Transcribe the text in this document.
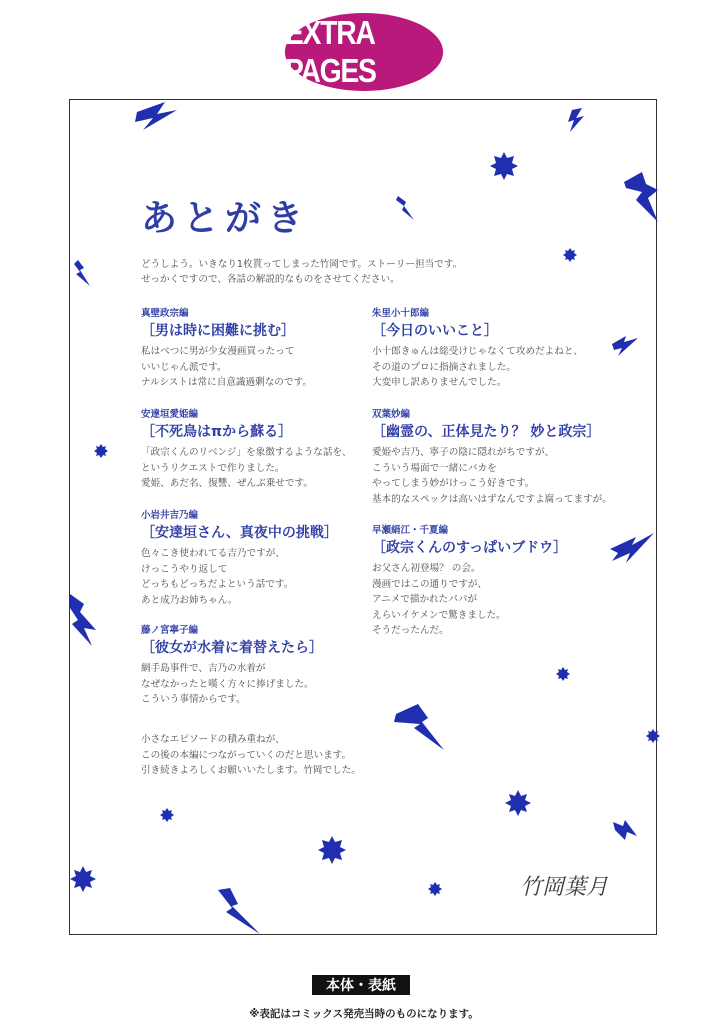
EXTRA PAGES
あとがき
どうしよう。いきなり1枚貰ってしまった竹岡です。ストーリー担当です。
せっかくですので、各話の解説的なものをさせてください。
真壁政宗編
［男は時に困難に挑む］
私はべつに男が少女漫画買ったって
いいじゃん派です。
ナルシストは常に自意識過剰なのです。
安達垣愛姫編
［不死鳥はπから蘇る］
「政宗くんのリベンジ」を象徴するような話を、
というリクエストで作りました。
愛姫、あだ名、復讐、ぜんぶ乗せです。
小岩井吉乃編
［安達垣さん、真夜中の挑戦］
色々こき使われてる吉乃ですが、
けっこうやり返して
どっちもどっちだよという話です。
あと成乃お姉ちゃん。
藤ノ宮寧子編
［彼女が水着に着替えたら］
網手島事件で、吉乃の水着が
なぜなかったと嘆く方々に捧げました。
こういう事情からです。
朱里小十郎編
［今日のいいこと］
小十郎きゅんは総受けじゃなくて攻めだよねと、
その道のプロに指摘されました。
大変申し訳ありませんでした。
双葉妙編
［幽霊の、正体見たり？ 妙と政宗］
愛姫や吉乃、寧子の陰に隠れがちですが、
こういう場面で一緒にバカを
やってしまう妙がけっこう好きです。
基本的なスペックは高いはずなんですよ腐ってますが。
早瀬絹江・千夏編
［政宗くんのすっぱいブドウ］
お父さん初登場？ の会。
漫画ではこの通りですが、
アニメで描かれたパパが
えらいイケメンで驚きました。
そうだったんだ。
小さなエピソードの積み重ねが、
この後の本編につながっていくのだと思います。
引き続きよろしくお願いいたします。竹岡でした。
竹岡葉月
本体・表紙
※表記はコミックス発売当時のものになります。
